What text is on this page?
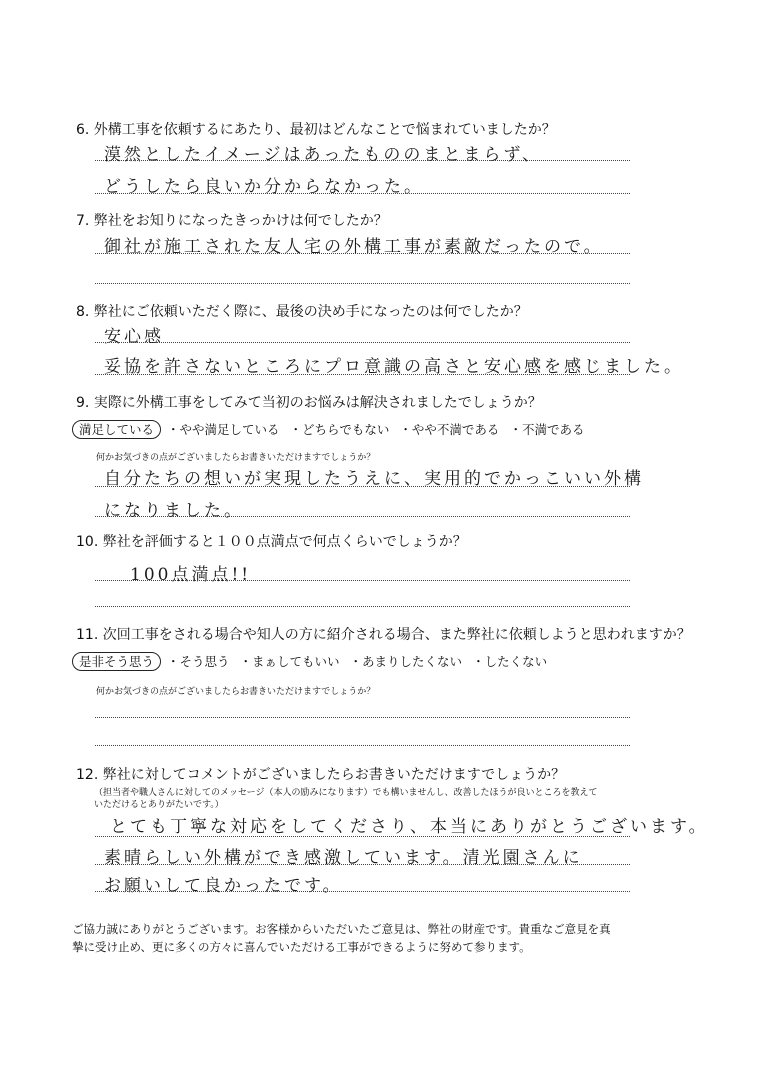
6. 外構工事を依頼するにあたり、最初はどんなことで悩まれていましたか？
漠然としたイメージはあったもののまとまらず、
どうしたら良いか分からなかった。
7. 弊社をお知りになったきっかけは何でしたか？
御社が施工された友人宅の外構工事が素敵だったので。
8. 弊社にご依頼いただく際に、最後の決め手になったのは何でしたか？
安心感
妥協を許さないところにプロ意識の高さと安心感を感じました。
9. 実際に外構工事をしてみて当初のお悩みは解決されましたでしょうか？
満足している ・やや満足している ・どちらでもない ・やや不満である ・不満である
何かお気づきの点がございましたらお書きいただけますでしょうか？
自分たちの想いが実現したうえに、実用的でかっこいい外構
になりました。
10. 弊社を評価すると１００点満点で何点くらいでしょうか？
100点満点!!
11. 次回工事をされる場合や知人の方に紹介される場合、また弊社に依頼しようと思われますか？
是非そう思う ・そう思う ・まぁしてもいい ・あまりしたくない ・したくない
何かお気づきの点がございましたらお書きいただけますでしょうか？
12. 弊社に対してコメントがございましたらお書きいただけますでしょうか？
（担当者や職人さんに対してのメッセージ（本人の励みになります）でも構いませんし、改善したほうが良いところを教えて
いただけるとありがたいです。）
とても丁寧な対応をしてくださり、本当にありがとうございます。
素晴らしい外構ができ感激しています。清光園さんに
お願いして良かったです。
ご協力誠にありがとうございます。お客様からいただいたご意見は、弊社の財産です。貴重なご意見を真
摯に受け止め、更に多くの方々に喜んでいただける工事ができるように努めて参ります。
